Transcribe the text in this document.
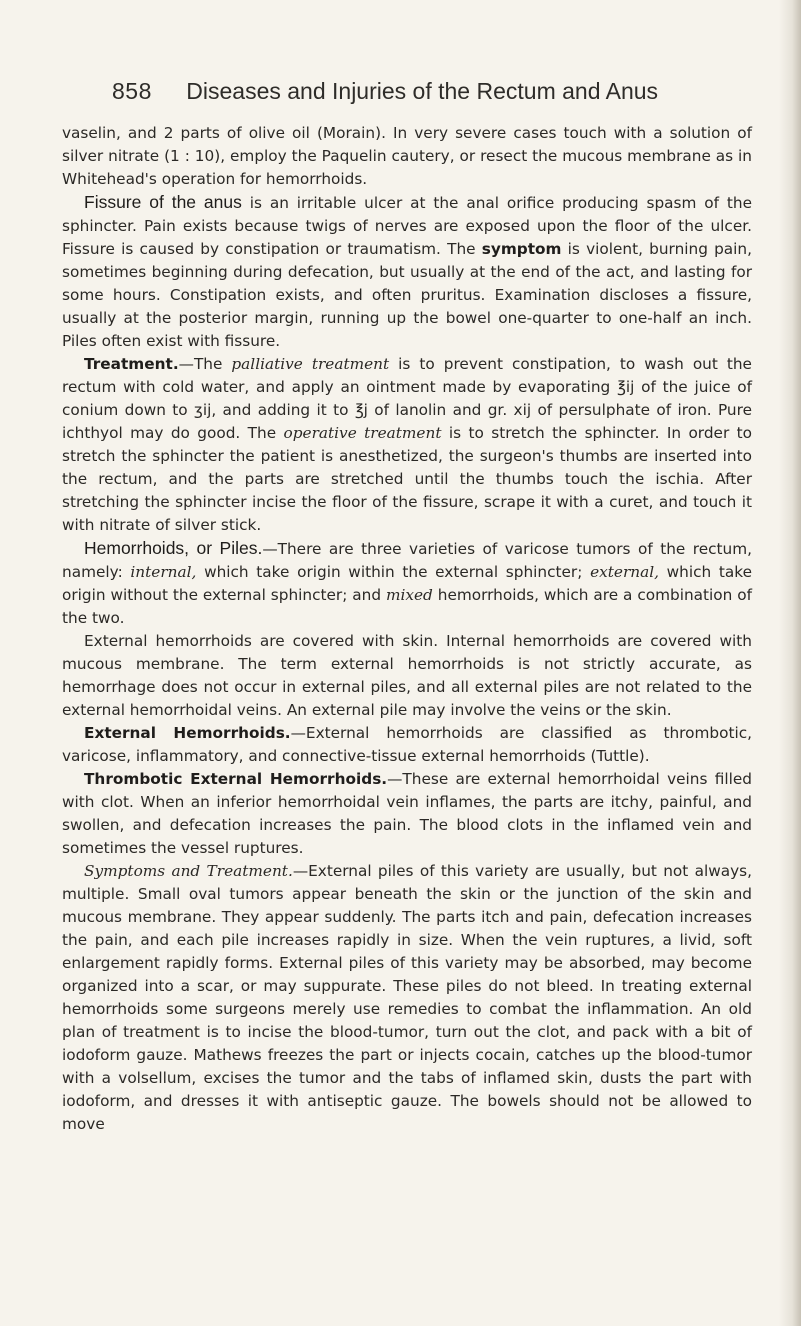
858 Diseases and Injuries of the Rectum and Anus

vaselin, and 2 parts of olive oil (Morain). In very severe cases touch with a solution of silver nitrate (1 : 10), employ the Paquelin cautery, or resect the mucous membrane as in Whitehead's operation for hemorrhoids.

Fissure of the anus is an irritable ulcer at the anal orifice producing spasm of the sphincter. Pain exists because twigs of nerves are exposed upon the floor of the ulcer. Fissure is caused by constipation or traumatism. The symptom is violent, burning pain, sometimes beginning during defecation, but usually at the end of the act, and lasting for some hours. Constipation exists, and often pruritus. Examination discloses a fissure, usually at the posterior margin, running up the bowel one-quarter to one-half an inch. Piles often exist with fissure.

Treatment.—The palliative treatment is to prevent constipation, to wash out the rectum with cold water, and apply an ointment made by evaporating ℥ij of the juice of conium down to ʒij, and adding it to ℥j of lanolin and gr. xij of persulphate of iron. Pure ichthyol may do good. The operative treatment is to stretch the sphincter. In order to stretch the sphincter the patient is anesthetized, the surgeon's thumbs are inserted into the rectum, and the parts are stretched until the thumbs touch the ischia. After stretching the sphincter incise the floor of the fissure, scrape it with a curet, and touch it with nitrate of silver stick.

Hemorrhoids, or Piles.—There are three varieties of varicose tumors of the rectum, namely: internal, which take origin within the external sphincter; external, which take origin without the external sphincter; and mixed hemorrhoids, which are a combination of the two.

External hemorrhoids are covered with skin. Internal hemorrhoids are covered with mucous membrane. The term external hemorrhoids is not strictly accurate, as hemorrhage does not occur in external piles, and all external piles are not related to the external hemorrhoidal veins. An external pile may involve the veins or the skin.

External Hemorrhoids.—External hemorrhoids are classified as thrombotic, varicose, inflammatory, and connective-tissue external hemorrhoids (Tuttle).

Thrombotic External Hemorrhoids.—These are external hemorrhoidal veins filled with clot. When an inferior hemorrhoidal vein inflames, the parts are itchy, painful, and swollen, and defecation increases the pain. The blood clots in the inflamed vein and sometimes the vessel ruptures.

Symptoms and Treatment.—External piles of this variety are usually, but not always, multiple. Small oval tumors appear beneath the skin or the junction of the skin and mucous membrane. They appear suddenly. The parts itch and pain, defecation increases the pain, and each pile increases rapidly in size. When the vein ruptures, a livid, soft enlargement rapidly forms. External piles of this variety may be absorbed, may become organized into a scar, or may suppurate. These piles do not bleed. In treating external hemorrhoids some surgeons merely use remedies to combat the inflammation. An old plan of treatment is to incise the blood-tumor, turn out the clot, and pack with a bit of iodoform gauze. Mathews freezes the part or injects cocain, catches up the blood-tumor with a volsellum, excises the tumor and the tabs of inflamed skin, dusts the part with iodoform, and dresses it with antiseptic gauze. The bowels should not be allowed to move
